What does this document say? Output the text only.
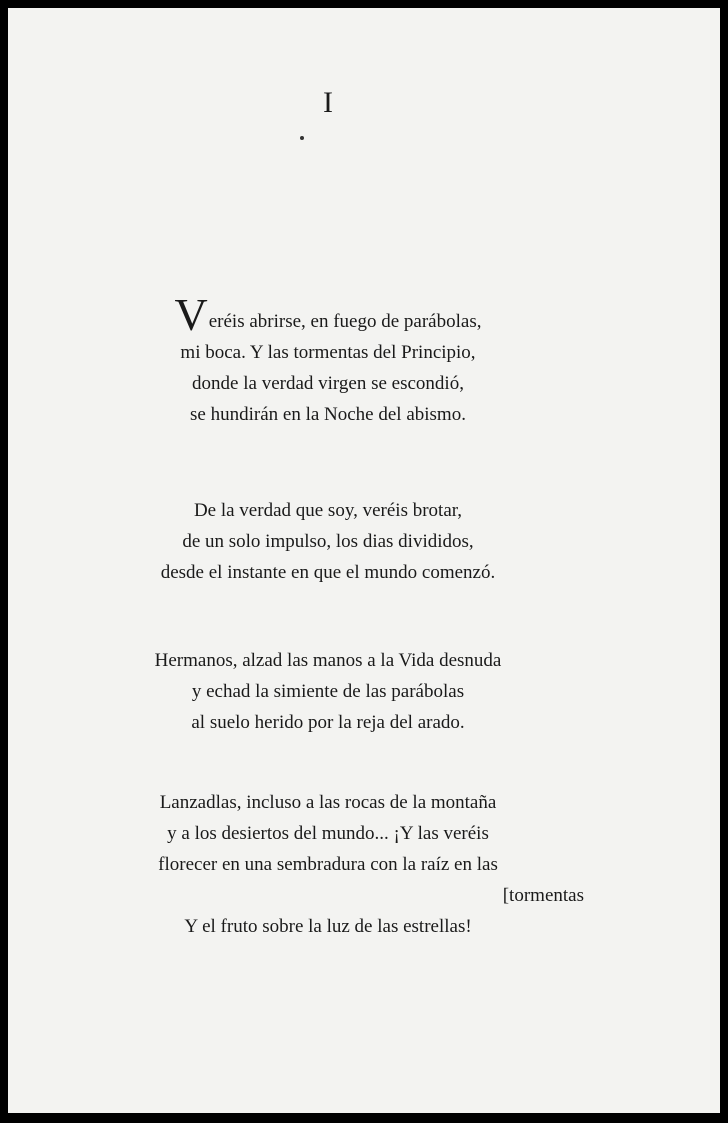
I
Veréis abrirse, en fuego de parábolas,
mi boca. Y las tormentas del Principio,
donde la verdad virgen se escondió,
se hundirán en la Noche del abismo.
De la verdad que soy, veréis brotar,
de un solo impulso, los dias divididos,
desde el instante en que el mundo comenzó.
Hermanos, alzad las manos a la Vida desnuda
y echad la simiente de las parábolas
al suelo herido por la reja del arado.
Lanzadlas, incluso a las rocas de la montaña
y a los desiertos del mundo... ¡Y las veréis
florecer en una sembradura con la raíz en las
[tormentas
Y el fruto sobre la luz de las estrellas!
